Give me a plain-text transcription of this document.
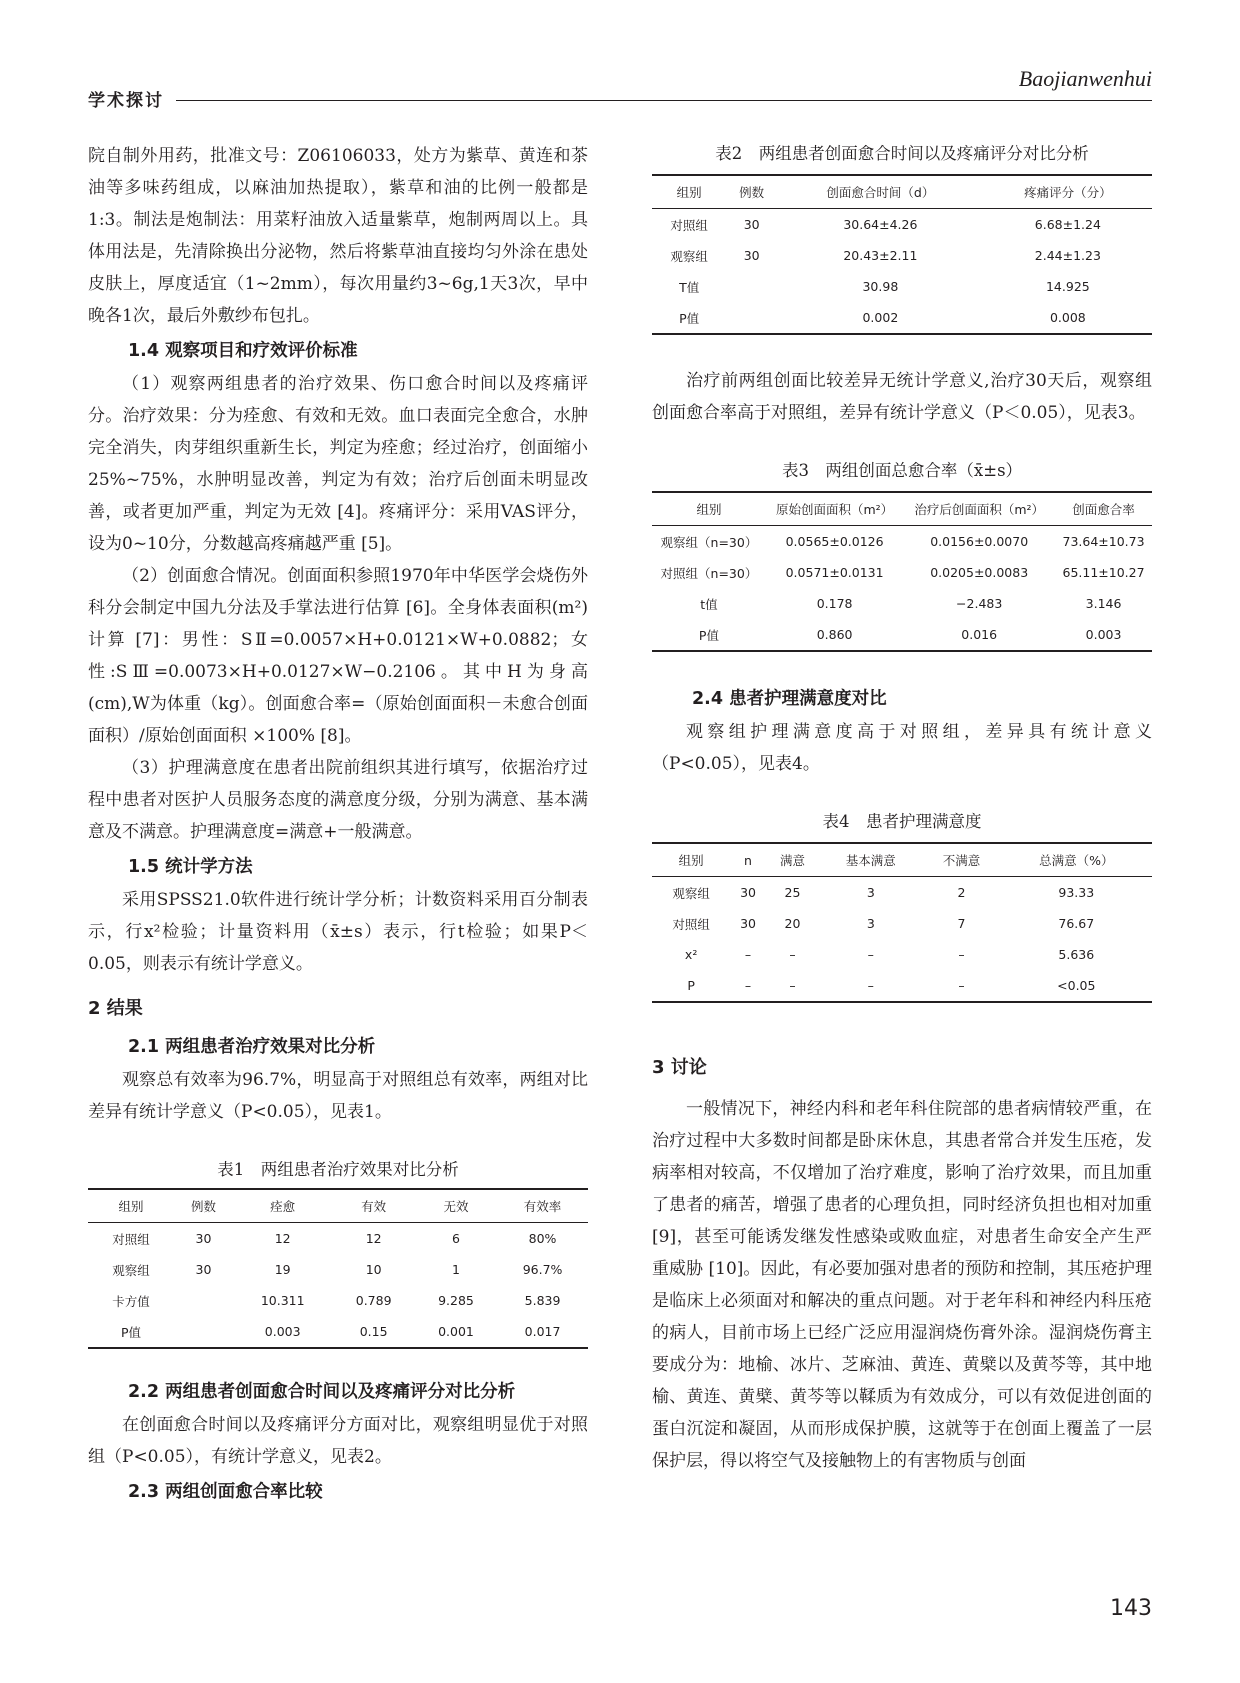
学术探讨
Baojianwenhui

院自制外用药，批准文号：Z06106033，处方为紫草、黄连和茶油等多味药组成，以麻油加热提取），紫草和油的比例一般都是1:3。制法是炮制法：用菜籽油放入适量紫草，炮制两周以上。具体用法是，先清除换出分泌物，然后将紫草油直接均匀外涂在患处皮肤上，厚度适宜（1~2mm），每次用量约3~6g,1天3次，早中晚各1次，最后外敷纱布包扎。

1.4 观察项目和疗效评价标准

（1）观察两组患者的治疗效果、伤口愈合时间以及疼痛评分。治疗效果：分为痊愈、有效和无效。血口表面完全愈合，水肿完全消失，肉芽组织重新生长，判定为痊愈；经过治疗，创面缩小25%~75%，水肿明显改善，判定为有效；治疗后创面未明显改善，或者更加严重，判定为无效 [4]。疼痛评分：采用VAS评分，设为0~10分，分数越高疼痛越严重 [5]。

（2）创面愈合情况。创面面积参照1970年中华医学会烧伤外科分会制定中国九分法及手掌法进行估算 [6]。全身体表面积(m²)计算 [7]：男性：SⅡ=0.0057×H+0.0121×W+0.0882；女性:SⅢ=0.0073×H+0.0127×W−0.2106。其中H为身高(cm),W为体重（kg）。创面愈合率=（原始创面面积－未愈合创面面积）/原始创面面积 ×100% [8]。

（3）护理满意度在患者出院前组织其进行填写，依据治疗过程中患者对医护人员服务态度的满意度分级，分别为满意、基本满意及不满意。护理满意度=满意+一般满意。

1.5 统计学方法

采用SPSS21.0软件进行统计学分析；计数资料采用百分制表示，行x²检验；计量资料用（x̄±s）表示，行t检验；如果P＜0.05，则表示有统计学意义。

2 结果
2.1 两组患者治疗效果对比分析

观察总有效率为96.7%，明显高于对照组总有效率，两组对比差异有统计学意义（P<0.05），见表1。

表1　两组患者治疗效果对比分析

组别	例数	痊愈	有效	无效	有效率
对照组	30	12	12	6	80%
观察组	30	19	10	1	96.7%
卡方值		10.311	0.789	9.285	5.839
P值		0.003	0.15	0.001	0.017
2.2 两组患者创面愈合时间以及疼痛评分对比分析

在创面愈合时间以及疼痛评分方面对比，观察组明显优于对照组（P<0.05），有统计学意义，见表2。

2.3 两组创面愈合率比较

表2　两组患者创面愈合时间以及疼痛评分对比分析

组别	例数	创面愈合时间（d）	疼痛评分（分）
对照组	30	30.64±4.26	6.68±1.24
观察组	30	20.43±2.11	2.44±1.23
T值		30.98	14.925
P值		0.002	0.008

治疗前两组创面比较差异无统计学意义,治疗30天后，观察组创面愈合率高于对照组，差异有统计学意义（P＜0.05），见表3。

表3　两组创面总愈合率（x̄±s）

组别	原始创面面积（m²）	治疗后创面面积（m²）	创面愈合率
观察组（n=30）	0.0565±0.0126	0.0156±0.0070	73.64±10.73
对照组（n=30）	0.0571±0.0131	0.0205±0.0083	65.11±10.27
t值	0.178	−2.483	3.146
P值	0.860	0.016	0.003
2.4 患者护理满意度对比

观察组护理满意度高于对照组，差异具有统计意义（P<0.05），见表4。

表4　患者护理满意度

组别	n	满意	基本满意	不满意	总满意（%）
观察组	30	25	3	2	93.33
对照组	30	20	3	7	76.67
x²	–	–	–	–	5.636
P	–	–	–	–	<0.05
3 讨论

一般情况下，神经内科和老年科住院部的患者病情较严重，在治疗过程中大多数时间都是卧床休息，其患者常合并发生压疮，发病率相对较高，不仅增加了治疗难度，影响了治疗效果，而且加重了患者的痛苦，增强了患者的心理负担，同时经济负担也相对加重 [9]，甚至可能诱发继发性感染或败血症，对患者生命安全产生严重威胁 [10]。因此，有必要加强对患者的预防和控制，其压疮护理是临床上必须面对和解决的重点问题。对于老年科和神经内科压疮的病人，目前市场上已经广泛应用湿润烧伤膏外涂。湿润烧伤膏主要成分为：地榆、冰片、芝麻油、黄连、黄檗以及黄芩等，其中地榆、黄连、黄檗、黄芩等以鞣质为有效成分，可以有效促进创面的蛋白沉淀和凝固，从而形成保护膜，这就等于在创面上覆盖了一层保护层，得以将空气及接触物上的有害物质与创面

143
